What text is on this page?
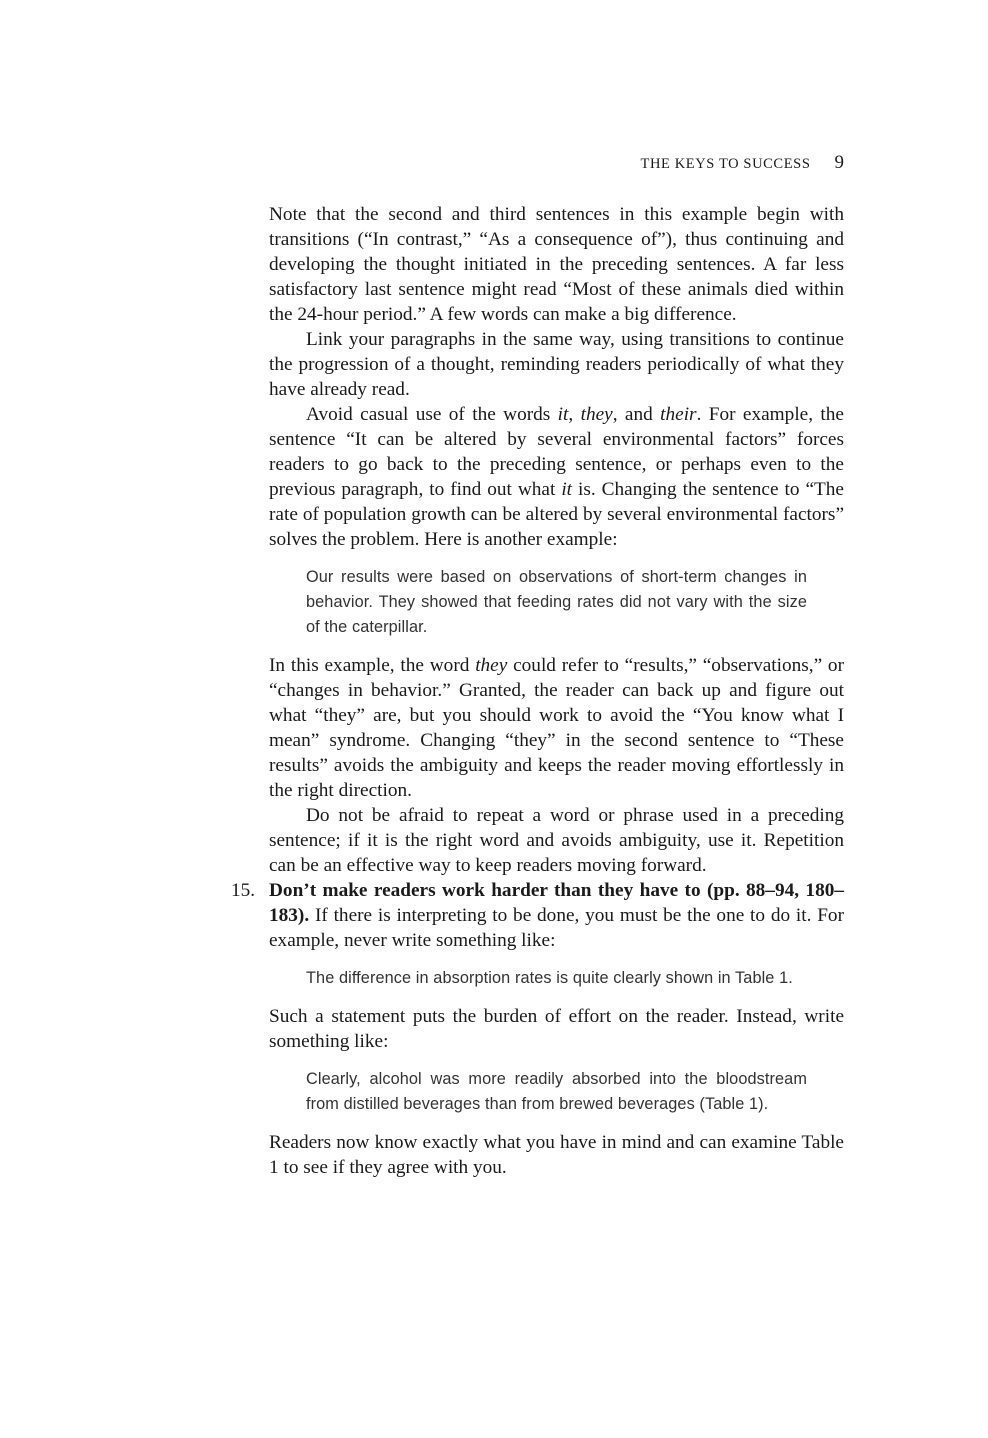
THE KEYS TO SUCCESS 9

Note that the second and third sentences in this example begin with transitions (“In contrast,” “As a consequence of”), thus continuing and developing the thought initiated in the preceding sentences. A far less satisfactory last sentence might read “Most of these animals died within the 24-hour period.” A few words can make a big difference.

Link your paragraphs in the same way, using transitions to continue the progression of a thought, reminding readers periodically of what they have already read.

Avoid casual use of the words it, they, and their. For example, the sentence “It can be altered by several environmental factors” forces readers to go back to the preceding sentence, or perhaps even to the previous paragraph, to find out what it is. Changing the sentence to “The rate of population growth can be altered by several environmental factors” solves the problem. Here is another example:

Our results were based on observations of short-term changes in behavior. They showed that feeding rates did not vary with the size of the caterpillar.

In this example, the word they could refer to “results,” “observations,” or “changes in behavior.” Granted, the reader can back up and figure out what “they” are, but you should work to avoid the “You know what I mean” syndrome. Changing “they” in the second sentence to “These results” avoids the ambiguity and keeps the reader moving effortlessly in the right direction.

Do not be afraid to repeat a word or phrase used in a preceding sentence; if it is the right word and avoids ambiguity, use it. Repetition can be an effective way to keep readers moving forward.

15. Don’t make readers work harder than they have to (pp. 88–94, 180–183). If there is interpreting to be done, you must be the one to do it. For example, never write something like:

The difference in absorption rates is quite clearly shown in Table 1.

Such a statement puts the burden of effort on the reader. Instead, write something like:

Clearly, alcohol was more readily absorbed into the bloodstream from distilled beverages than from brewed beverages (Table 1).

Readers now know exactly what you have in mind and can examine Table 1 to see if they agree with you.
